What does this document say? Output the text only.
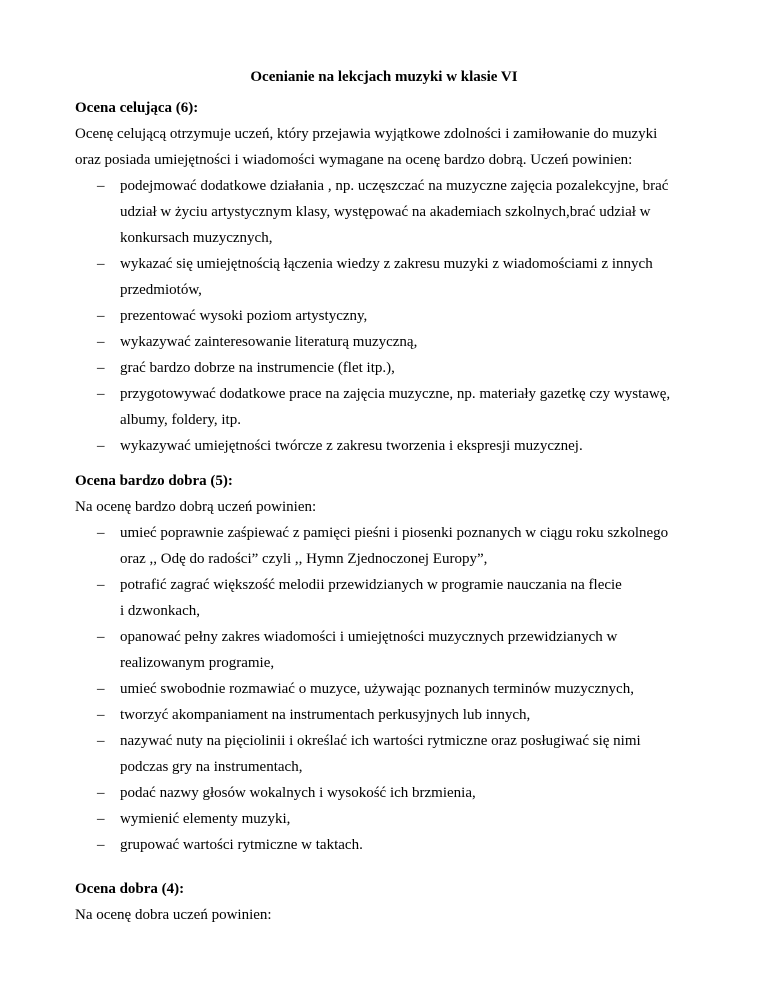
Ocenianie na lekcjach muzyki w klasie VI
Ocena celująca (6):
Ocenę celującą otrzymuje uczeń, który przejawia wyjątkowe zdolności i zamiłowanie do muzyki
oraz posiada umiejętności i wiadomości wymagane na ocenę bardzo dobrą. Uczeń powinien:
– podejmować dodatkowe działania , np. uczęszczać na muzyczne zajęcia pozalekcyjne, brać
udział w życiu artystycznym klasy, występować na akademiach szkolnych,brać udział w
konkursach muzycznych,
– wykazać się umiejętnością łączenia wiedzy z zakresu muzyki z wiadomościami z innych
przedmiotów,
– prezentować wysoki poziom artystyczny,
– wykazywać zainteresowanie literaturą muzyczną,
– grać bardzo dobrze na instrumencie (flet itp.),
– przygotowywać dodatkowe prace na zajęcia muzyczne, np. materiały gazetkę czy wystawę,
albumy, foldery, itp.
– wykazywać umiejętności twórcze z zakresu tworzenia i ekspresji muzycznej.
Ocena bardzo dobra (5):
Na ocenę bardzo dobrą uczeń powinien:
– umieć poprawnie zaśpiewać z pamięci pieśni i piosenki poznanych w ciągu roku szkolnego
oraz ,, Odę do radości” czyli ,, Hymn Zjednoczonej Europy”,
– potrafić zagrać większość melodii przewidzianych w programie nauczania na flecie
i dzwonkach,
– opanować pełny zakres wiadomości i umiejętności muzycznych przewidzianych w
realizowanym programie,
– umieć swobodnie rozmawiać o muzyce, używając poznanych terminów muzycznych,
– tworzyć akompaniament na instrumentach perkusyjnych lub innych,
– nazywać nuty na pięciolinii i określać ich wartości rytmiczne oraz posługiwać się nimi
podczas gry na instrumentach,
– podać nazwy głosów wokalnych i wysokość ich brzmienia,
– wymienić elementy muzyki,
– grupować wartości rytmiczne w taktach.
Ocena dobra (4):
Na ocenę dobra uczeń powinien:
